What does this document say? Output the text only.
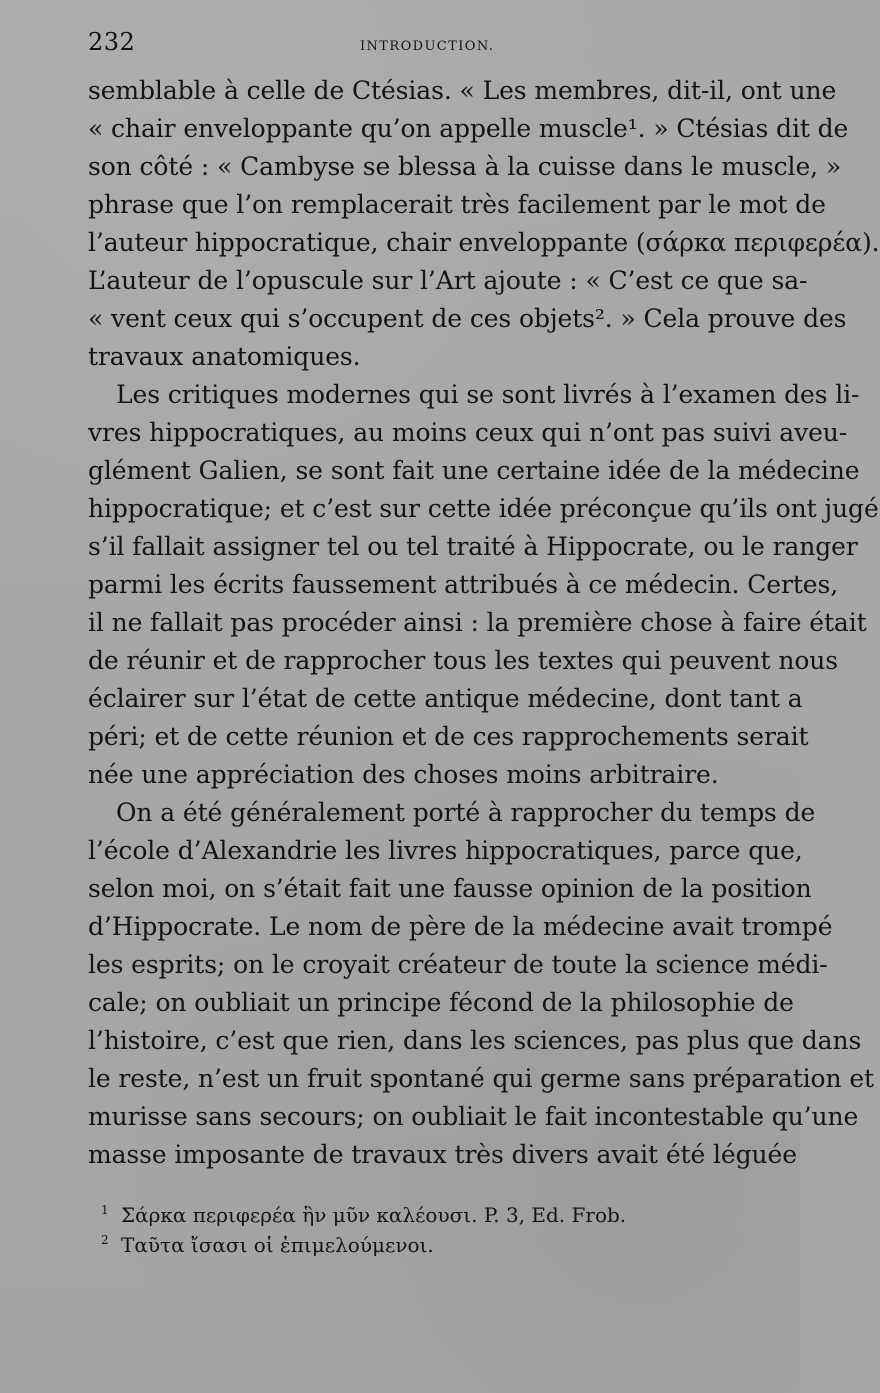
232	INTRODUCTION.
semblable à celle de Ctésias. « Les membres, dit-il, ont une
« chair enveloppante qu’on appelle muscle¹. » Ctésias dit de
son côté : « Cambyse se blessa à la cuisse dans le muscle, »
phrase que l’on remplacerait très facilement par le mot de
l’auteur hippocratique, chair enveloppante (σάρκα περιφερέα).
L’auteur de l’opuscule sur l’Art ajoute : « C’est ce que sa-
« vent ceux qui s’occupent de ces objets². » Cela prouve des
travaux anatomiques.
Les critiques modernes qui se sont livrés à l’examen des li-
vres hippocratiques, au moins ceux qui n’ont pas suivi aveu-
glément Galien, se sont fait une certaine idée de la médecine
hippocratique; et c’est sur cette idée préconçue qu’ils ont jugé
s’il fallait assigner tel ou tel traité à Hippocrate, ou le ranger
parmi les écrits faussement attribués à ce médecin. Certes,
il ne fallait pas procéder ainsi : la première chose à faire était
de réunir et de rapprocher tous les textes qui peuvent nous
éclairer sur l’état de cette antique médecine, dont tant a
péri; et de cette réunion et de ces rapprochements serait
née une appréciation des choses moins arbitraire.
On a été généralement porté à rapprocher du temps de
l’école d’Alexandrie les livres hippocratiques, parce que,
selon moi, on s’était fait une fausse opinion de la position
d’Hippocrate. Le nom de père de la médecine avait trompé
les esprits; on le croyait créateur de toute la science médi-
cale; on oubliait un principe fécond de la philosophie de
l’histoire, c’est que rien, dans les sciences, pas plus que dans
le reste, n’est un fruit spontané qui germe sans préparation et
murisse sans secours; on oubliait le fait incontestable qu’une
masse imposante de travaux très divers avait été léguée
1 Σάρκα περιφερέα ἣν μῦν καλέουσι. P. 3, Ed. Frob.
2 Ταῦτα ἴσασι οἱ ἐπιμελούμενοι.
